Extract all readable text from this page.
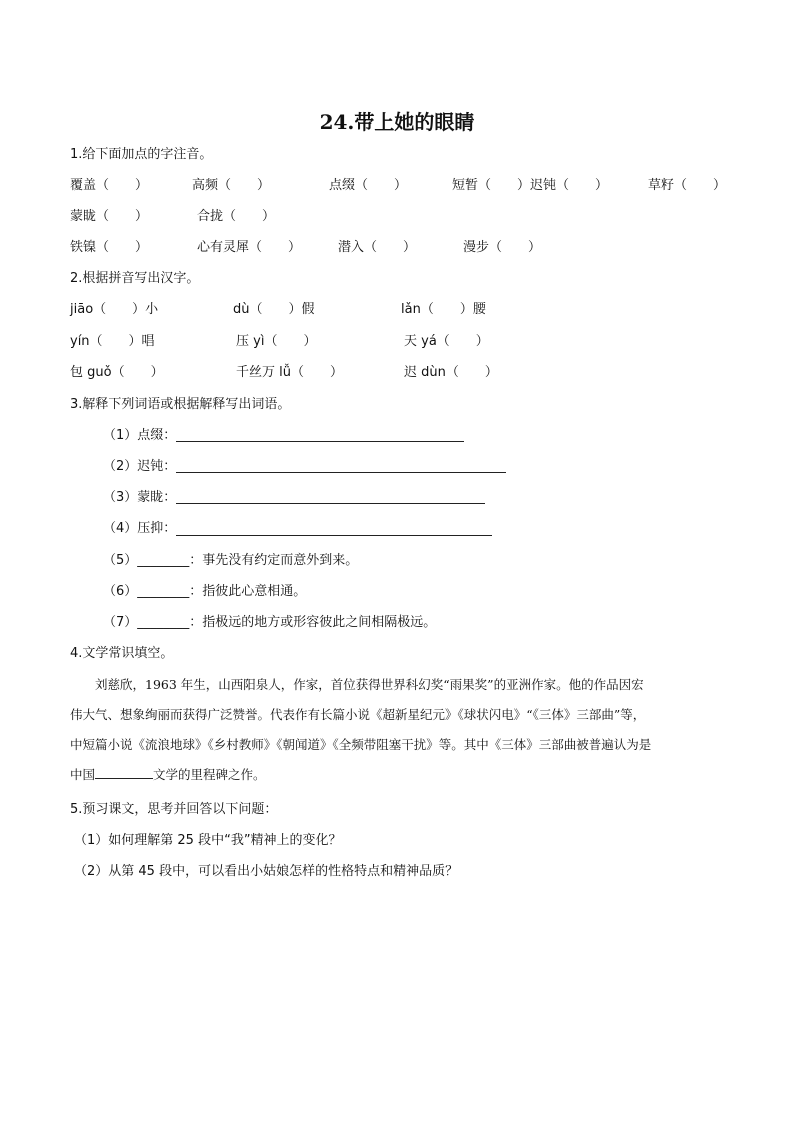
24.带上她的眼睛
1.给下面加点的字注音。
覆盖（　　）	高频（　　）	点缀（　　）	短暂（　　）迟钝（　　）	草籽（　　）
蒙眬（　　）	合拢（　　）
铁镍（　　）	心有灵犀（　　）	潜入（　　）	漫步（　　）
2.根据拼音写出汉字。
jiāo（　　）小	dù（　　）假	lǎn（　　）腰
yín（　　）唱	压 yì（　　）	天 yá（　　）
包 guǒ（　　）	千丝万 lǚ（　　）	迟 dùn（　　）
3.解释下列词语或根据解释写出词语。
（1）点缀：
（2）迟钝：
（3）蒙眬：
（4）压抑：
（5）________：事先没有约定而意外到来。
（6）________：指彼此心意相通。
（7）________：指极远的地方或形容彼此之间相隔极远。
4.文学常识填空。
刘慈欣，1963 年生，山西阳泉人，作家，首位获得世界科幻奖“雨果奖”的亚洲作家。他的作品因宏
伟大气、想象绚丽而获得广泛赞誉。代表作有长篇小说《超新星纪元》《球状闪电》“《三体》三部曲”等，
中短篇小说《流浪地球》《乡村教师》《朝闻道》《全频带阻塞干扰》等。其中《三体》三部曲被普遍认为是
中国	文学的里程碑之作。
5.预习课文，思考并回答以下问题：
（1）如何理解第 25 段中“我”精神上的变化？
（2）从第 45 段中，可以看出小姑娘怎样的性格特点和精神品质？
